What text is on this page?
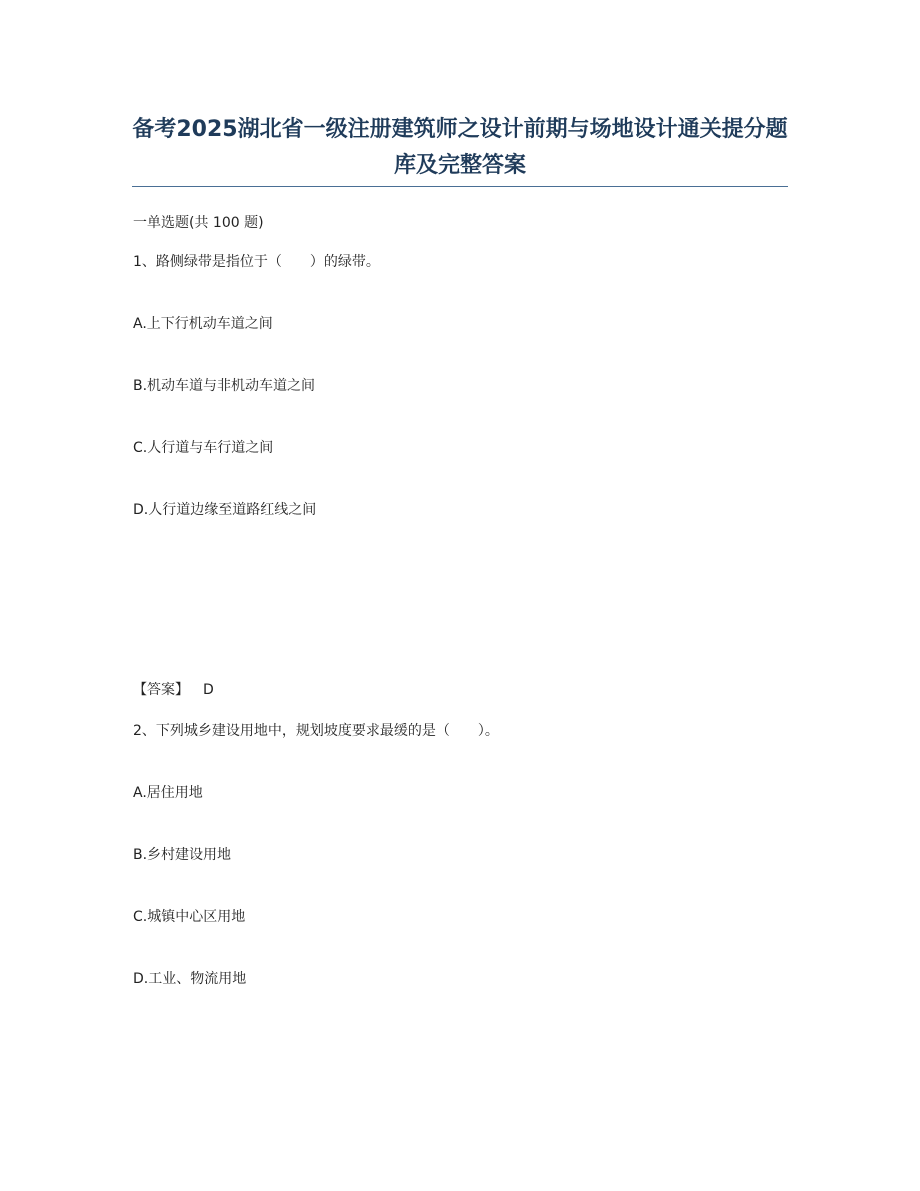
备考2025湖北省一级注册建筑师之设计前期与场地设计通关提分题库及完整答案
一单选题(共 100 题)
1、路侧绿带是指位于（　　）的绿带。
A.上下行机动车道之间
B.机动车道与非机动车道之间
C.人行道与车行道之间
D.人行道边缘至道路红线之间
【答案】 D
2、下列城乡建设用地中，规划坡度要求最缓的是（　　）。
A.居住用地
B.乡村建设用地
C.城镇中心区用地
D.工业、物流用地
